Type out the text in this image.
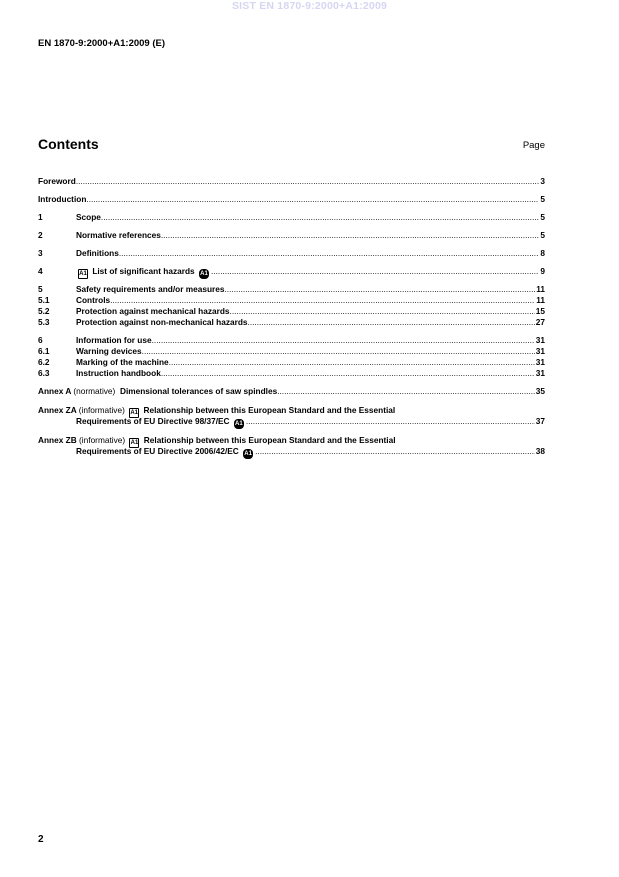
SIST EN 1870-9:2000+A1:2009
EN 1870-9:2000+A1:2009 (E)
Contents	Page
Foreword .....	3
Introduction .....	5
1	Scope .....	5
2	Normative references .....	5
3	Definitions .....	8
4	A1 List of significant hazards A1 .....	9
5	Safety requirements and/or measures .....	11
5.1	Controls .....	11
5.2	Protection against mechanical hazards .....	15
5.3	Protection against non-mechanical hazards .....	27
6	Information for use .....	31
6.1	Warning devices .....	31
6.2	Marking of the machine .....	31
6.3	Instruction handbook .....	31
Annex A (normative) Dimensional tolerances of saw spindles .....	35
Annex ZA (informative) A1 Relationship between this European Standard and the Essential
Requirements of EU Directive 98/37/EC A1 .....	37
Annex ZB (informative) A1 Relationship between this European Standard and the Essential
Requirements of EU Directive 2006/42/EC A1 .....	38
2
